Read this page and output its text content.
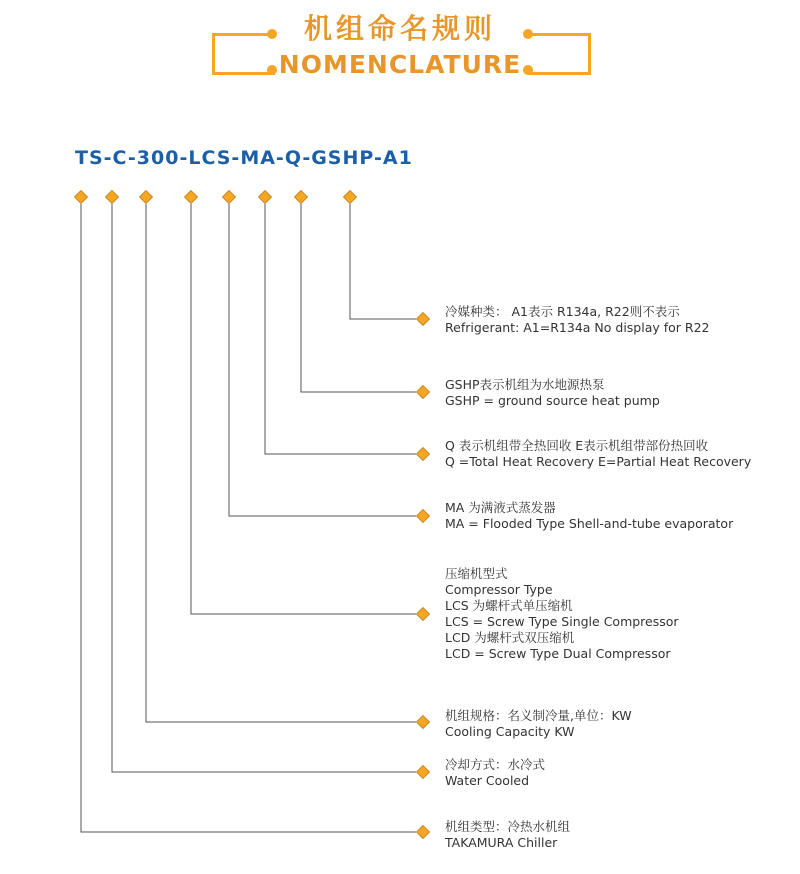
机组命名规则
NOMENCLATURE
TS-C-300-LCS-MA-Q-GSHP-A1
冷媒种类： A1表示 R134a, R22则不表示
Refrigerant: A1=R134a No display for R22
GSHP表示机组为水地源热泵
GSHP = ground source heat pump
Q 表示机组带全热回收 E表示机组带部份热回收
Q =Total Heat Recovery E=Partial Heat Recovery
MA 为满液式蒸发器
MA = Flooded Type Shell-and-tube evaporator
压缩机型式
Compressor Type
LCS 为螺杆式单压缩机
LCS = Screw Type Single Compressor
LCD 为螺杆式双压缩机
LCD = Screw Type Dual Compressor
机组规格：名义制冷量,单位：KW
Cooling Capacity KW
冷却方式：水冷式
Water Cooled
机组类型：冷热水机组
TAKAMURA Chiller
